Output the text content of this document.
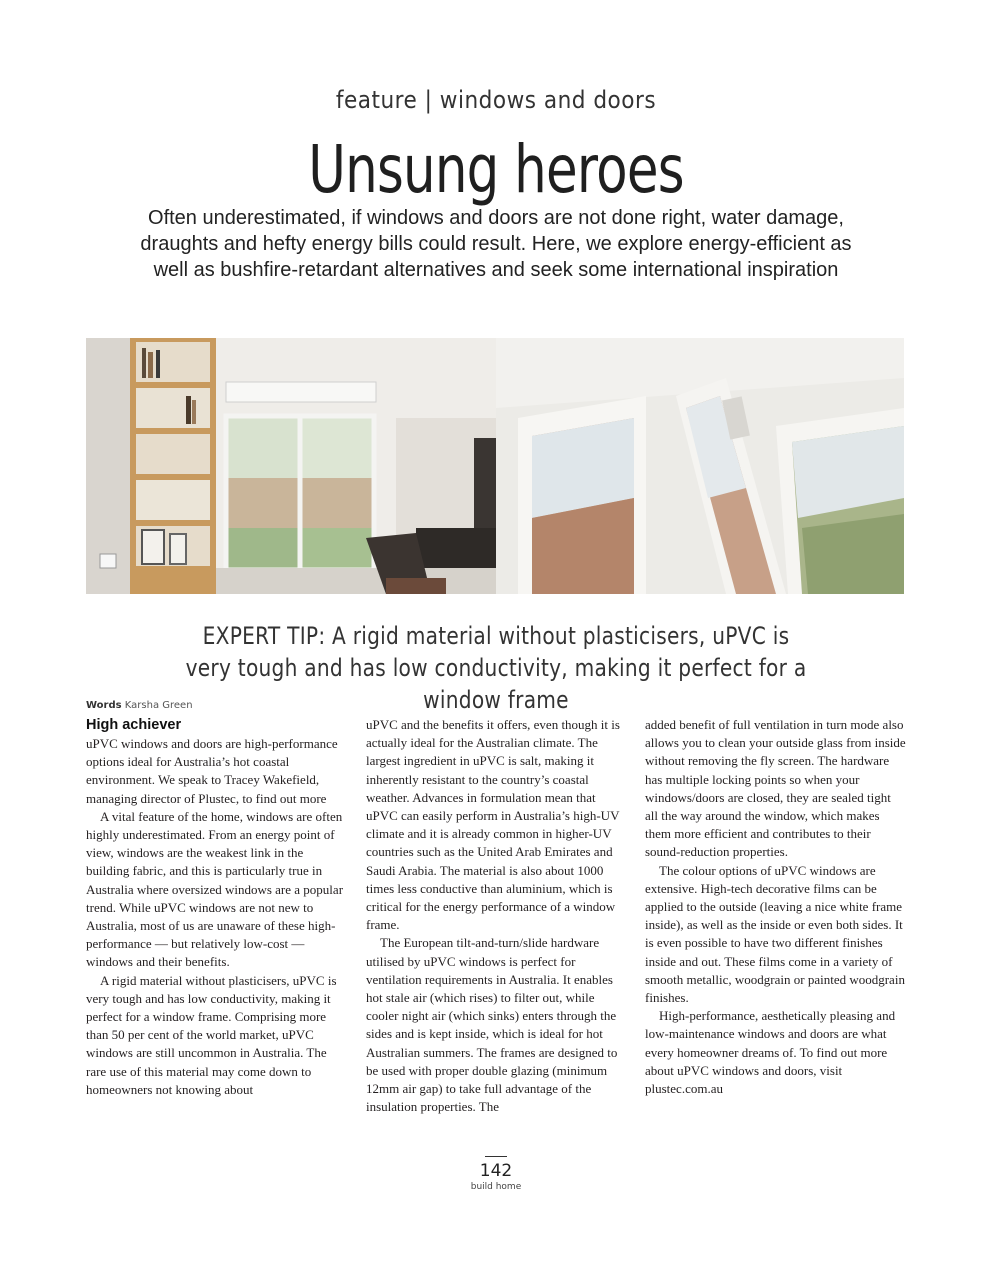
feature | windows and doors
Unsung heroes
Often underestimated, if windows and doors are not done right, water damage, draughts and hefty energy bills could result. Here, we explore energy-efficient as well as bushfire-retardant alternatives and seek some international inspiration
EXPERT TIP: A rigid material without plasticisers, uPVC is very tough and has low conductivity, making it perfect for a window frame
Words Karsha Green
High achiever

uPVC windows and doors are high-performance options ideal for Australia’s hot coastal environment. We speak to Tracey Wakefield, managing director of Plustec, to find out more

A vital feature of the home, windows are often highly underestimated. From an energy point of view, windows are the weakest link in the building fabric, and this is particularly true in Australia where oversized windows are a popular trend. While uPVC windows are not new to Australia, most of us are unaware of these high-performance — but relatively low-cost — windows and their benefits.

A rigid material without plasticisers, uPVC is very tough and has low conductivity, making it perfect for a window frame. Comprising more than 50 per cent of the world market, uPVC windows are still uncommon in Australia. The rare use of this material may come down to homeowners not knowing about

uPVC and the benefits it offers, even though it is actually ideal for the Australian climate. The largest ingredient in uPVC is salt, making it inherently resistant to the country’s coastal weather. Advances in formulation mean that uPVC can easily perform in Australia’s high-UV climate and it is already common in higher-UV countries such as the United Arab Emirates and Saudi Arabia. The material is also about 1000 times less conductive than aluminium, which is critical for the energy performance of a window frame.

The European tilt-and-turn/slide hardware utilised by uPVC windows is perfect for ventilation requirements in Australia. It enables hot stale air (which rises) to filter out, while cooler night air (which sinks) enters through the sides and is kept inside, which is ideal for hot Australian summers. The frames are designed to be used with proper double glazing (minimum 12mm air gap) to take full advantage of the insulation properties. The

added benefit of full ventilation in turn mode also allows you to clean your outside glass from inside without removing the fly screen. The hardware has multiple locking points so when your windows/doors are closed, they are sealed tight all the way around the window, which makes them more efficient and contributes to their sound-reduction properties.

The colour options of uPVC windows are extensive. High-tech decorative films can be applied to the outside (leaving a nice white frame inside), as well as the inside or even both sides. It is even possible to have two different finishes inside and out. These films come in a variety of smooth metallic, woodgrain or painted woodgrain finishes.

High-performance, aesthetically pleasing and low-maintenance windows and doors are what every homeowner dreams of. To find out more about uPVC windows and doors, visit plustec.com.au

142
build home
